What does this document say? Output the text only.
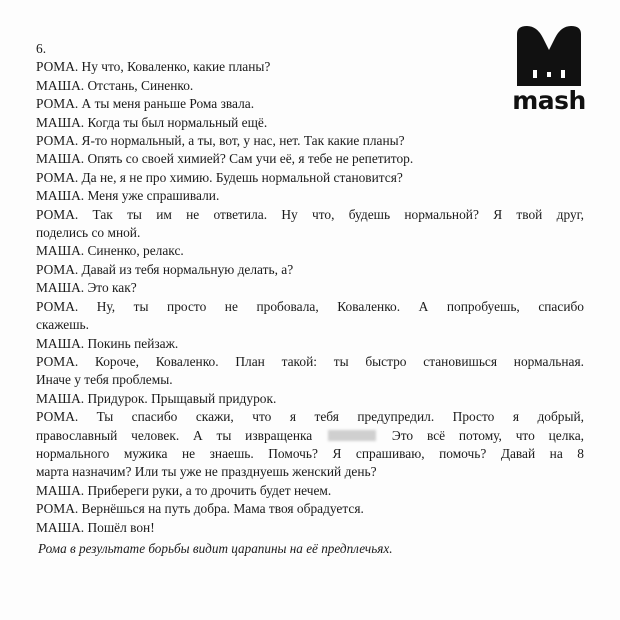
mash
6.
РОМА. Ну что, Коваленко, какие планы?
МАША. Отстань, Синенко.
РОМА. А ты меня раньше Рома звала.
МАША. Когда ты был нормальный ещё.
РОМА. Я-то нормальный, а ты, вот, у нас, нет. Так какие планы?
МАША. Опять со своей химией? Сам учи её, я тебе не репетитор.
РОМА. Да не, я не про химию. Будешь нормальной становится?
МАША. Меня уже спрашивали.
РОМА. Так ты им не ответила. Ну что, будешь нормальной? Я твой друг,
поделись со мной.
МАША. Синенко, релакс.
РОМА. Давай из тебя нормальную делать, а?
МАША. Это как?
РОМА. Ну, ты просто не пробовала, Коваленко. А попробуешь, спасибо
скажешь.
МАША. Покинь пейзаж.
РОМА. Короче, Коваленко. План такой: ты быстро становишься нормальная.
Иначе у тебя проблемы.
МАША. Придурок. Прыщавый придурок.
РОМА. Ты спасибо скажи, что я тебя предупредил. Просто я добрый,
православный человек. А ты извращенка	Это всё потому, что целка,
нормального мужика не знаешь. Помочь? Я спрашиваю, помочь? Давай на 8
марта назначим? Или ты уже не празднуешь женский день?
МАША. Прибереги руки, а то дрочить будет нечем.
РОМА. Вернёшься на путь добра. Мама твоя обрадуется.
МАША. Пошёл вон!
Рома в результате борьбы видит царапины на её предплечьях.
